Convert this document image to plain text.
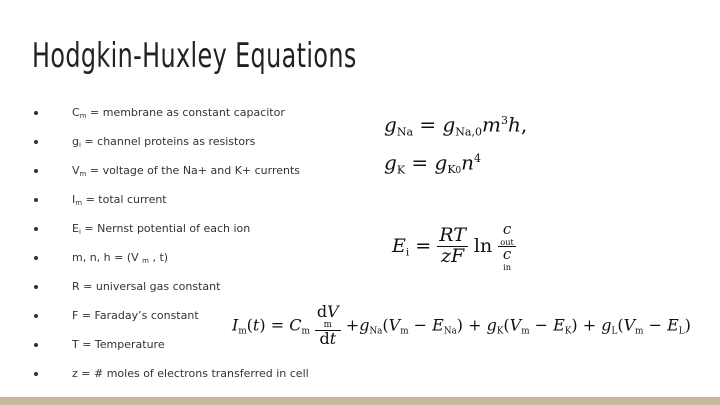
Hodgkin-Huxley Equations
$C_m$ = membrane as constant capacitor
$g_i$ = channel proteins as resistors
$V_m$ = voltage of the Na+ and K+ currents
$I_m$ = total current
$E_i$ = Nernst potential of each ion
m, n, h = (V $_m$ , t)
R = universal gas constant
F = Faraday’s constant
T = Temperature
z = # moles of electrons transferred in cell
gNa = $gNa,0m^3h$,
gK = $gK0n^4$
$Ei = \frac{RT}{zF}$ ln c
out
c
in
Im(t) = Cm dV
m
dt +gNa(Vm − ENa) + gK(Vm − EK) + gL(Vm − EL)
